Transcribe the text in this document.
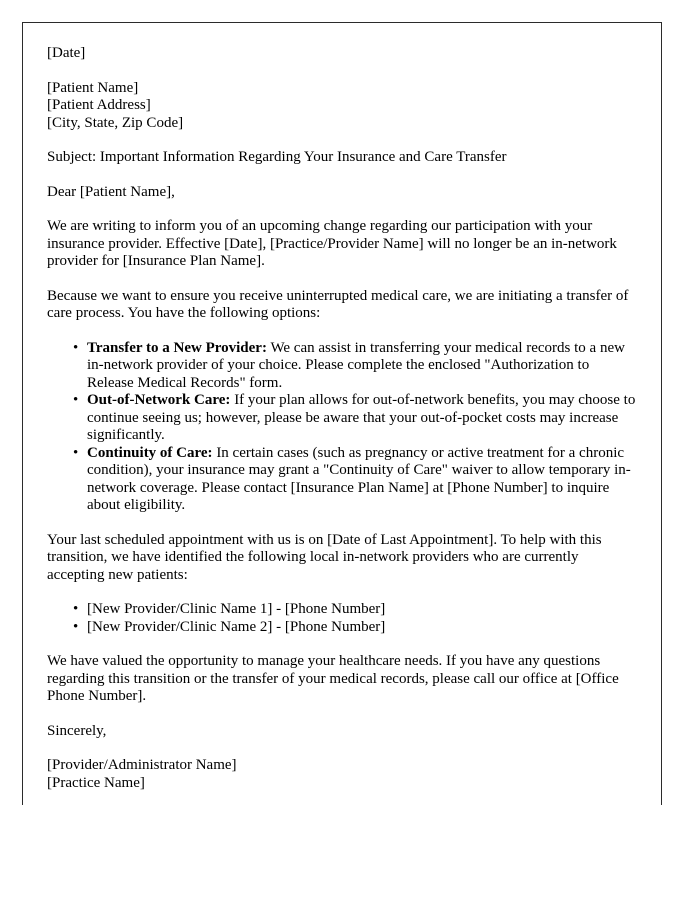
[Date]

[Patient Name]
[Patient Address]
[City, State, Zip Code]

Subject: Important Information Regarding Your Insurance and Care Transfer

Dear [Patient Name],

We are writing to inform you of an upcoming change regarding our participation with your insurance provider. Effective [Date], [Practice/Provider Name] will no longer be an in-network provider for [Insurance Plan Name].

Because we want to ensure you receive uninterrupted medical care, we are initiating a transfer of care process. You have the following options:

• Transfer to a New Provider: We can assist in transferring your medical records to a new in-network provider of your choice. Please complete the enclosed "Authorization to Release Medical Records" form.
• Out-of-Network Care: If your plan allows for out-of-network benefits, you may choose to continue seeing us; however, please be aware that your out-of-pocket costs may increase significantly.
• Continuity of Care: In certain cases (such as pregnancy or active treatment for a chronic condition), your insurance may grant a "Continuity of Care" waiver to allow temporary in-network coverage. Please contact [Insurance Plan Name] at [Phone Number] to inquire about eligibility.

Your last scheduled appointment with us is on [Date of Last Appointment]. To help with this transition, we have identified the following local in-network providers who are currently accepting new patients:

• [New Provider/Clinic Name 1] - [Phone Number]
• [New Provider/Clinic Name 2] - [Phone Number]

We have valued the opportunity to manage your healthcare needs. If you have any questions regarding this transition or the transfer of your medical records, please call our office at [Office Phone Number].

Sincerely,

[Provider/Administrator Name]
[Practice Name]
